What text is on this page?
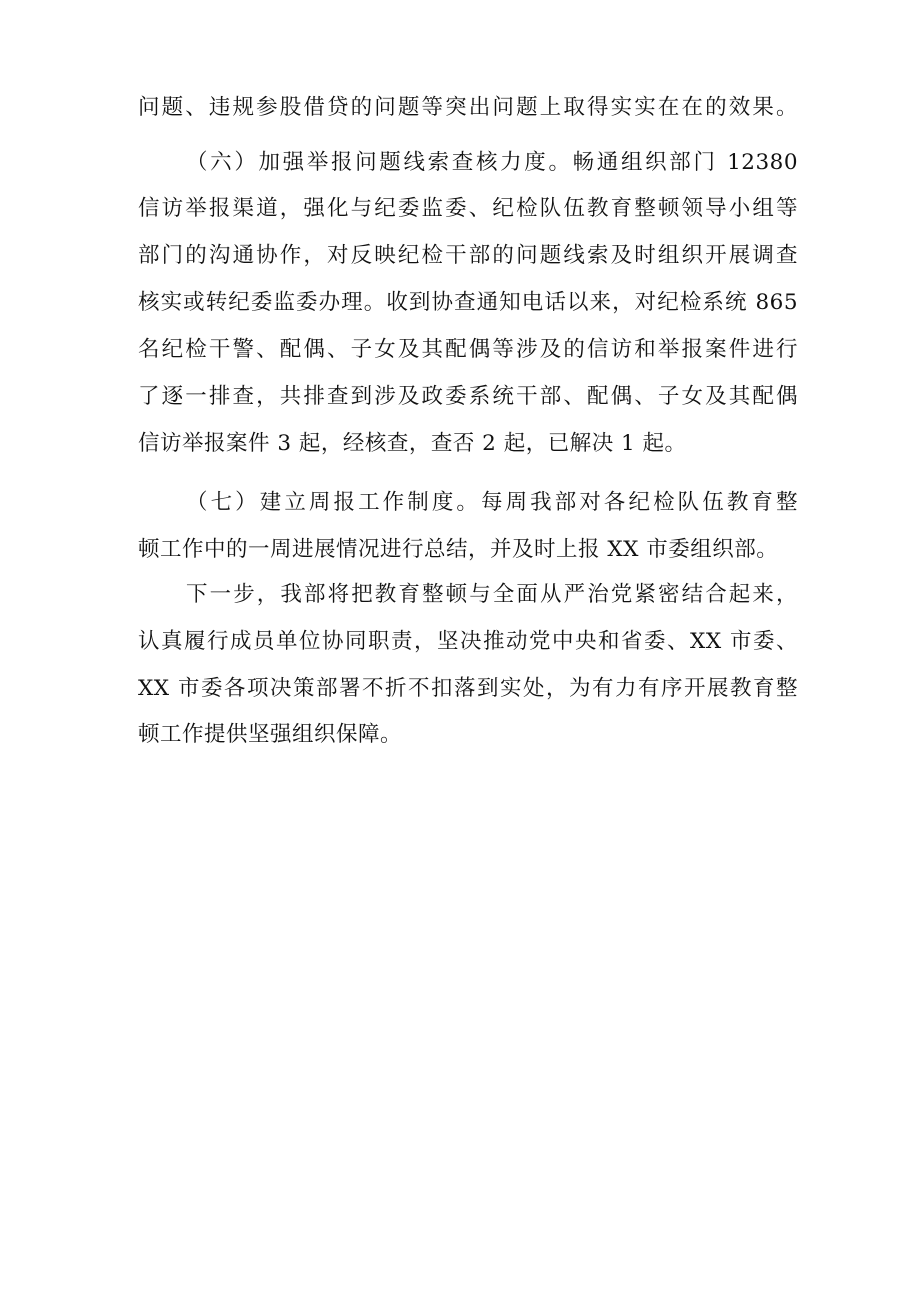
问题、违规参股借贷的问题等突出问题上取得实实在在的效果。
（六）加强举报问题线索查核力度。畅通组织部门 12380
信访举报渠道，强化与纪委监委、纪检队伍教育整顿领导小组等
部门的沟通协作，对反映纪检干部的问题线索及时组织开展调查
核实或转纪委监委办理。收到协查通知电话以来，对纪检系统 865
名纪检干警、配偶、子女及其配偶等涉及的信访和举报案件进行
了逐一排查，共排查到涉及政委系统干部、配偶、子女及其配偶
信访举报案件 3 起，经核查，查否 2 起，已解决 1 起。
（七）建立周报工作制度。每周我部对各纪检队伍教育整
顿工作中的一周进展情况进行总结，并及时上报 XX 市委组织部。
下一步，我部将把教育整顿与全面从严治党紧密结合起来，
认真履行成员单位协同职责，坚决推动党中央和省委、XX 市委、
XX 市委各项决策部署不折不扣落到实处，为有力有序开展教育整
顿工作提供坚强组织保障。
